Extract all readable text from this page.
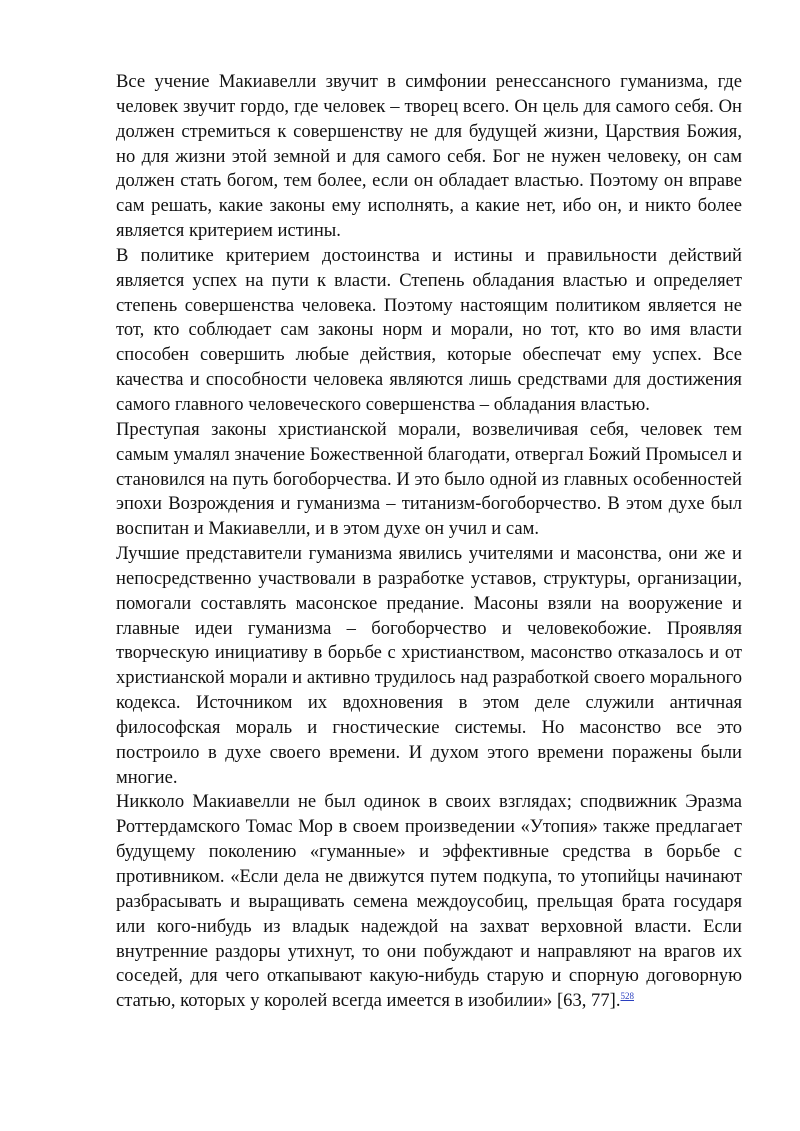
Все учение Макиавелли звучит в симфонии ренессансного гуманизма, где человек звучит гордо, где человек – творец всего. Он цель для самого себя. Он должен стремиться к совершенству не для будущей жизни, Царствия Божия, но для жизни этой земной и для самого себя. Бог не нужен человеку, он сам должен стать богом, тем более, если он обладает властью. Поэтому он вправе сам решать, какие законы ему исполнять, а какие нет, ибо он, и никто более является критерием истины.

В политике критерием достоинства и истины и правильности действий является успех на пути к власти. Степень обладания властью и определяет степень совершенства человека. Поэтому настоящим политиком является не тот, кто соблюдает сам законы норм и морали, но тот, кто во имя власти способен совершить любые действия, которые обеспечат ему успех. Все качества и способности человека являются лишь средствами для достижения самого главного человеческого совершенства – обладания властью.

Преступая законы христианской морали, возвеличивая себя, человек тем самым умалял значение Божественной благодати, отвергал Божий Промысел и становился на путь богоборчества. И это было одной из главных особенностей эпохи Возрождения и гуманизма – титанизм-богоборчество. В этом духе был воспитан и Макиавелли, и в этом духе он учил и сам.

Лучшие представители гуманизма явились учителями и масонства, они же и непосредственно участвовали в разработке уставов, структуры, организации, помогали составлять масонское предание. Масоны взяли на вооружение и главные идеи гуманизма – богоборчество и человекобожие. Проявляя творческую инициативу в борьбе с христианством, масонство отказалось и от христианской морали и активно трудилось над разработкой своего морального кодекса. Источником их вдохновения в этом деле служили античная философская мораль и гностические системы. Но масонство все это построило в духе своего времени. И духом этого времени поражены были многие.

Никколо Макиавелли не был одинок в своих взглядах; сподвижник Эразма Роттердамского Томас Мор в своем произведении «Утопия» также предлагает будущему поколению «гуманные» и эффективные средства в борьбе с противником. «Если дела не движутся путем подкупа, то утопийцы начинают разбрасывать и выращивать семена междоусобиц, прельщая брата государя или кого-нибудь из владык надеждой на захват верховной власти. Если внутренние раздоры утихнут, то они побуждают и направляют на врагов их соседей, для чего откапывают какую-нибудь старую и спорную договорную статью, которых у королей всегда имеется в изобилии» [63, 77].$^{528}$
